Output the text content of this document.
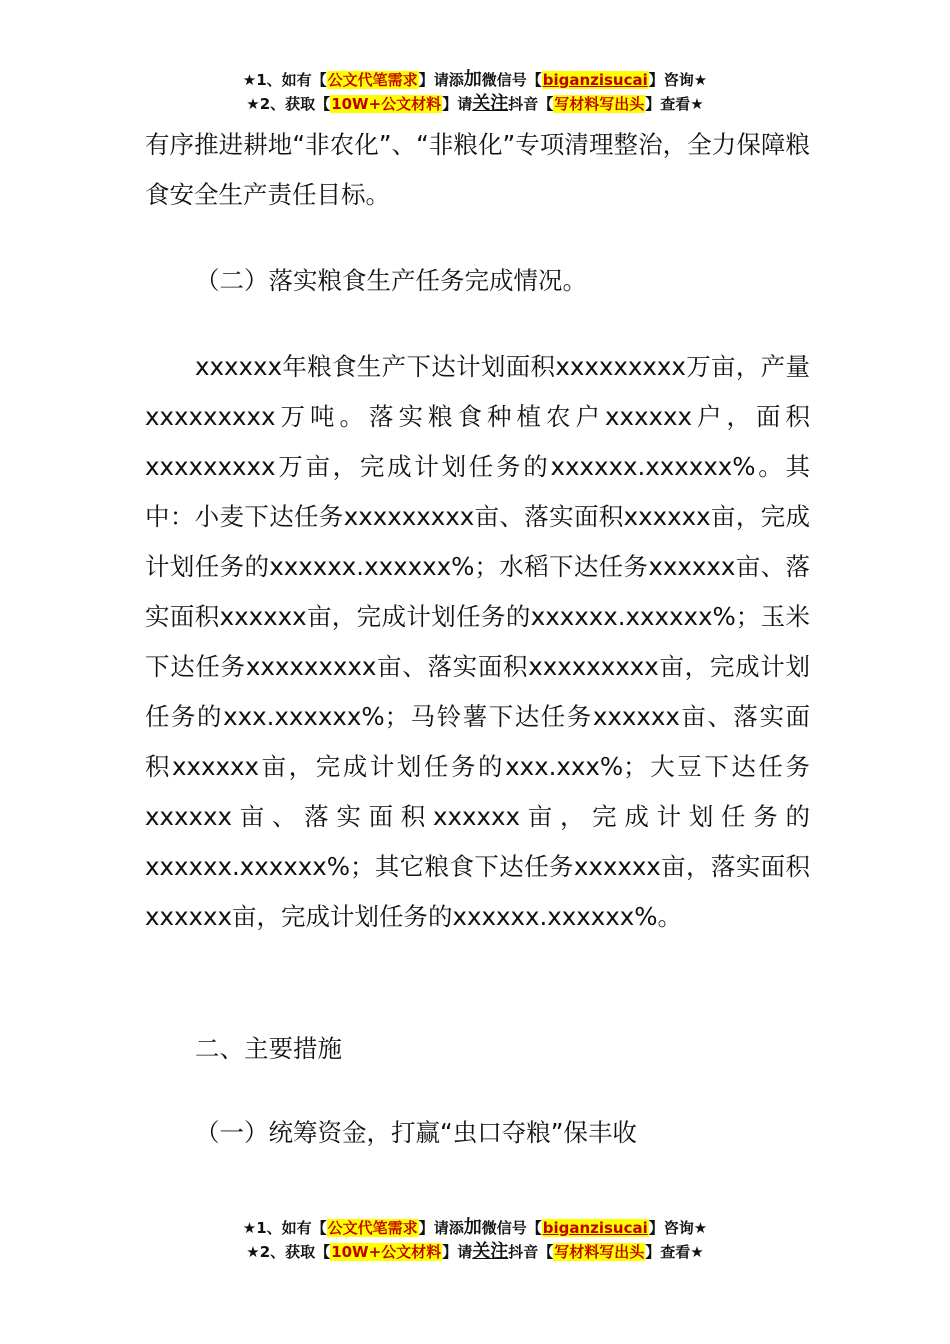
★1、如有【公文代笔需求】请添加微信号【biganzisucai】咨询★
★2、获取【10W+公文材料】请关注抖音【写材料写出头】查看★

有序推进耕地“非农化”、“非粮化”专项清理整治，全力保障粮食安全生产责任目标。

（二）落实粮食生产任务完成情况。

xxxxxx年粮食生产下达计划面积xxxxxxxxx万亩，产量xxxxxxxxx万吨。落实粮食种植农户xxxxxx户，面积xxxxxxxxx万亩，完成计划任务的xxxxxx.xxxxxx%。其中：小麦下达任务xxxxxxxxx亩、落实面积xxxxxx亩，完成计划任务的xxxxxx.xxxxxx%；水稻下达任务xxxxxx亩、落实面积xxxxxx亩，完成计划任务的xxxxxx.xxxxxx%；玉米下达任务xxxxxxxxx亩、落实面积xxxxxxxxx亩，完成计划任务的xxx.xxxxxx%；马铃薯下达任务xxxxxx亩、落实面积xxxxxx亩，完成计划任务的xxx.xxx%；大豆下达任务xxxxxx亩、落实面积xxxxxx亩，完成计划任务的xxxxxx.xxxxxx%；其它粮食下达任务xxxxxx亩，落实面积xxxxxx亩，完成计划任务的xxxxxx.xxxxxx%。

二、主要措施

（一）统筹资金，打赢“虫口夺粮”保丰收

★1、如有【公文代笔需求】请添加微信号【biganzisucai】咨询★
★2、获取【10W+公文材料】请关注抖音【写材料写出头】查看★
